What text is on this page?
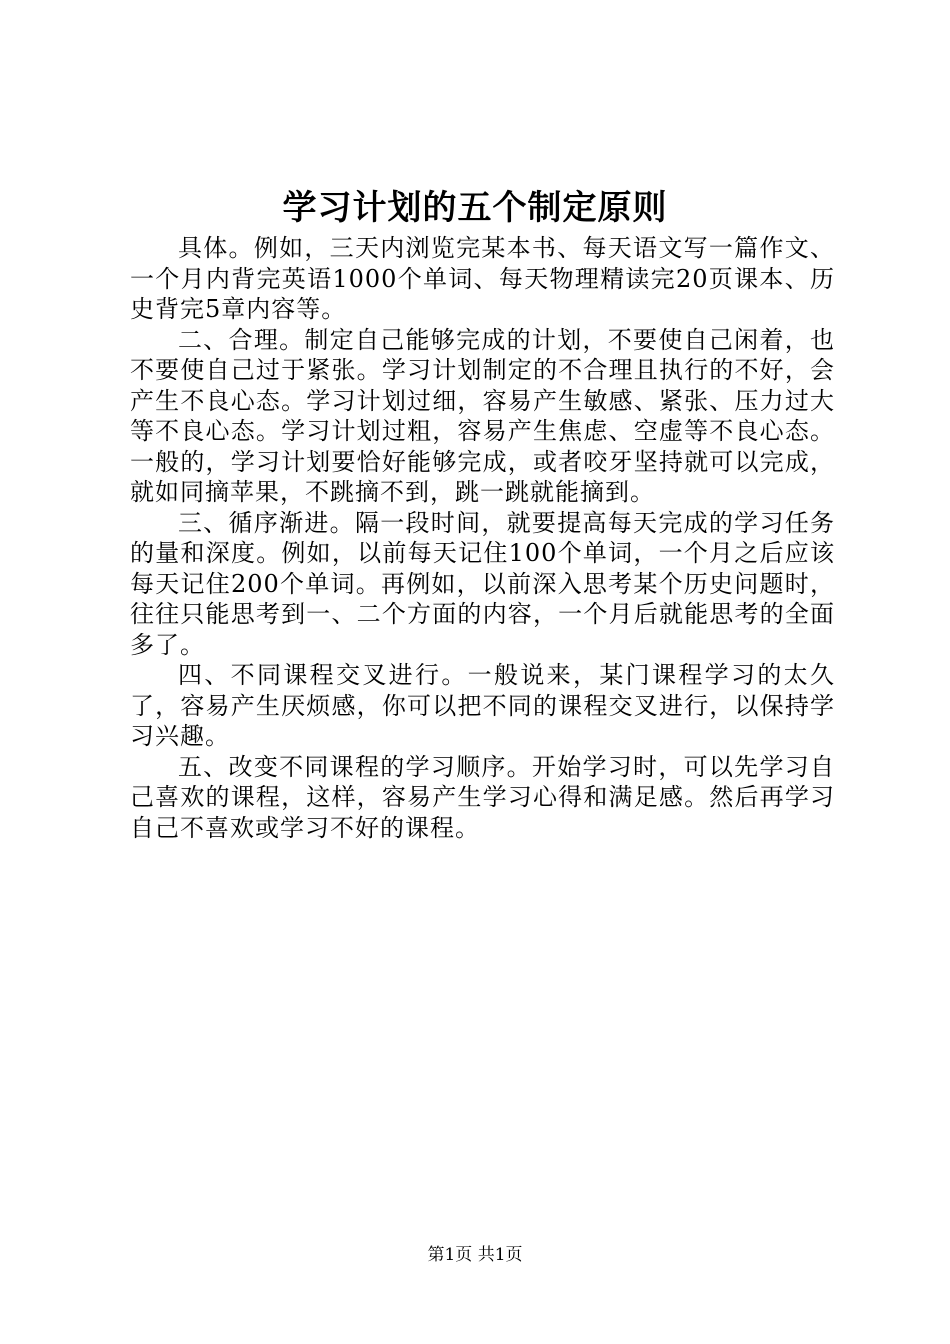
学习计划的五个制定原则

具体。例如，三天内浏览完某本书、每天语文写一篇作文、一个月内背完英语1000个单词、每天物理精读完20页课本、历史背完5章内容等。

二、合理。制定自己能够完成的计划，不要使自己闲着，也不要使自己过于紧张。学习计划制定的不合理且执行的不好，会产生不良心态。学习计划过细，容易产生敏感、紧张、压力过大等不良心态。学习计划过粗，容易产生焦虑、空虚等不良心态。一般的，学习计划要恰好能够完成，或者咬牙坚持就可以完成，就如同摘苹果，不跳摘不到，跳一跳就能摘到。

三、循序渐进。隔一段时间，就要提高每天完成的学习任务的量和深度。例如，以前每天记住100个单词，一个月之后应该每天记住200个单词。再例如，以前深入思考某个历史问题时，往往只能思考到一、二个方面的内容，一个月后就能思考的全面多了。

四、不同课程交叉进行。一般说来，某门课程学习的太久了，容易产生厌烦感，你可以把不同的课程交叉进行，以保持学习兴趣。

五、改变不同课程的学习顺序。开始学习时，可以先学习自己喜欢的课程，这样，容易产生学习心得和满足感。然后再学习自己不喜欢或学习不好的课程。

第1页 共1页
